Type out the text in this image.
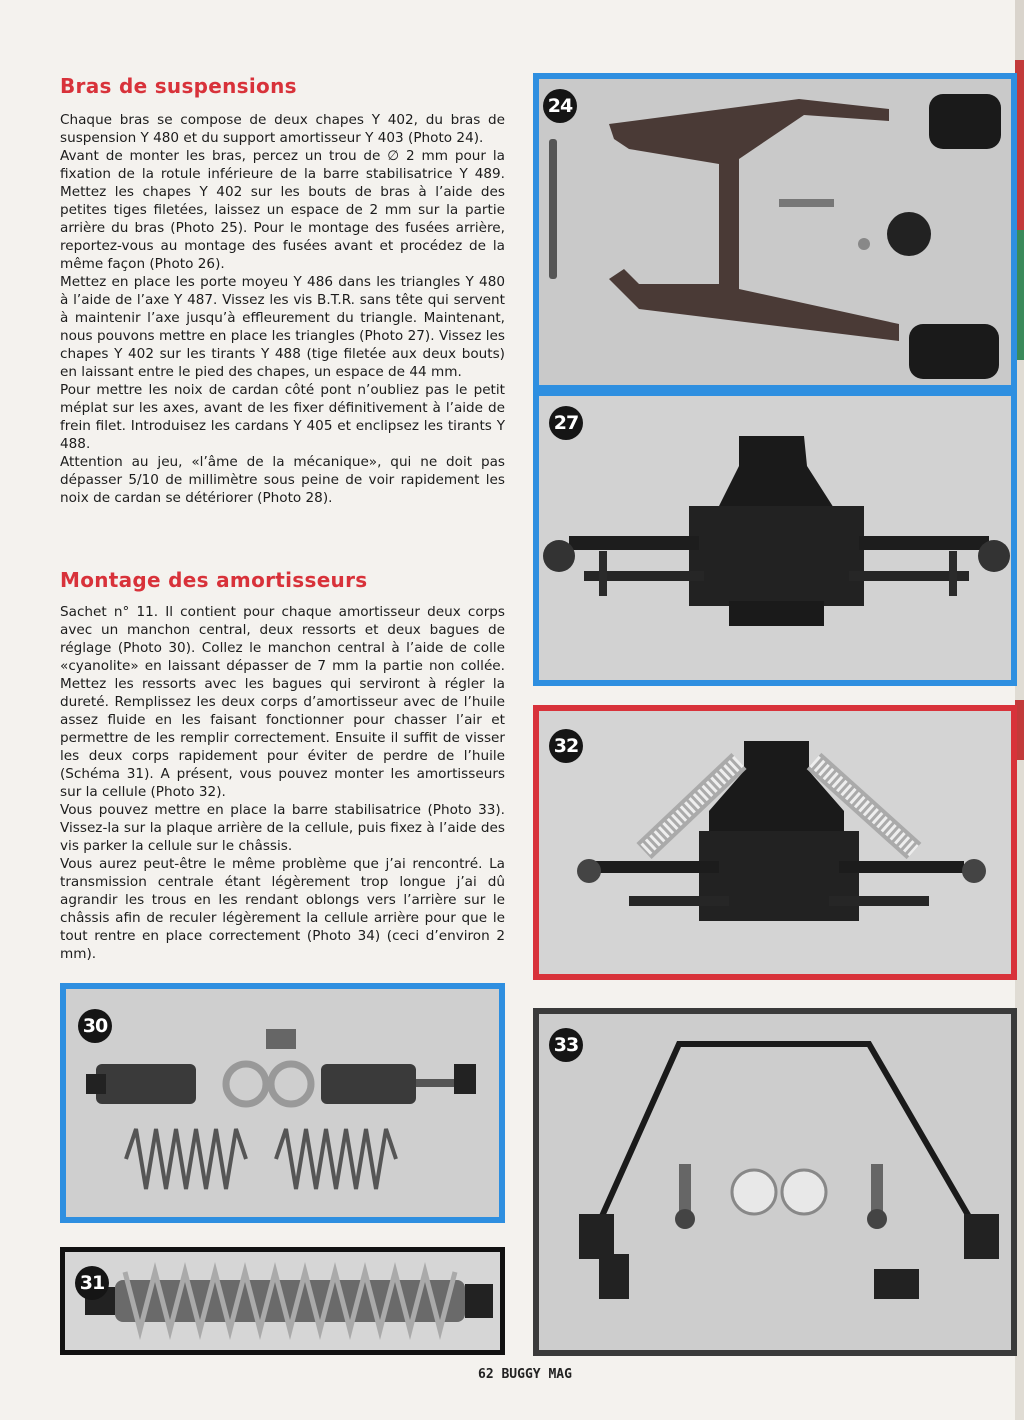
Bras de suspensions

Chaque bras se compose de deux chapes Y 402, du bras de suspension Y 480 et du support amortisseur Y 403 (Photo 24).

Avant de monter les bras, percez un trou de ∅ 2 mm pour la fixation de la rotule inférieure de la barre stabilisatrice Y 489. Mettez les chapes Y 402 sur les bouts de bras à l’aide des petites tiges filetées, laissez un espace de 2 mm sur la partie arrière du bras (Photo 25). Pour le montage des fusées arrière, reportez-vous au montage des fusées avant et procédez de la même façon (Photo 26).

Mettez en place les porte moyeu Y 486 dans les triangles Y 480 à l’aide de l’axe Y 487. Vissez les vis B.T.R. sans tête qui servent à maintenir l’axe jusqu’à effleurement du triangle. Maintenant, nous pouvons mettre en place les triangles (Photo 27). Vissez les chapes Y 402 sur les tirants Y 488 (tige filetée aux deux bouts) en laissant entre le pied des chapes, un espace de 44 mm.

Pour mettre les noix de cardan côté pont n’oubliez pas le petit méplat sur les axes, avant de les fixer définitivement à l’aide de frein filet. Introduisez les cardans Y 405 et enclipsez les tirants Y 488.

Attention au jeu, «l’âme de la mécanique», qui ne doit pas dépasser 5/10 de millimètre sous peine de voir rapidement les noix de cardan se détériorer (Photo 28).

Montage des amortisseurs

Sachet n° 11. Il contient pour chaque amortisseur deux corps avec un manchon central, deux ressorts et deux bagues de réglage (Photo 30). Collez le manchon central à l’aide de colle «cyanolite» en laissant dépasser de 7 mm la partie non collée. Mettez les ressorts avec les bagues qui serviront à régler la dureté. Remplissez les deux corps d’amortisseur avec de l’huile assez fluide en les faisant fonctionner pour chasser l’air et permettre de les remplir correctement. Ensuite il suffit de visser les deux corps rapidement pour éviter de perdre de l’huile (Schéma 31). A présent, vous pouvez monter les amortisseurs sur la cellule (Photo 32).

Vous pouvez mettre en place la barre stabilisatrice (Photo 33). Vissez-la sur la plaque arrière de la cellule, puis fixez à l’aide des vis parker la cellule sur le châssis.

Vous aurez peut-être le même problème que j’ai rencontré. La transmission centrale étant légèrement trop longue j’ai dû agrandir les trous en les rendant oblongs vers l’arrière sur le châssis afin de reculer légèrement la cellule arrière pour que le tout rentre en place correctement (Photo 34) (ceci d’environ 2 mm).

24
27
32
30
31
33
62 BUGGY MAG
